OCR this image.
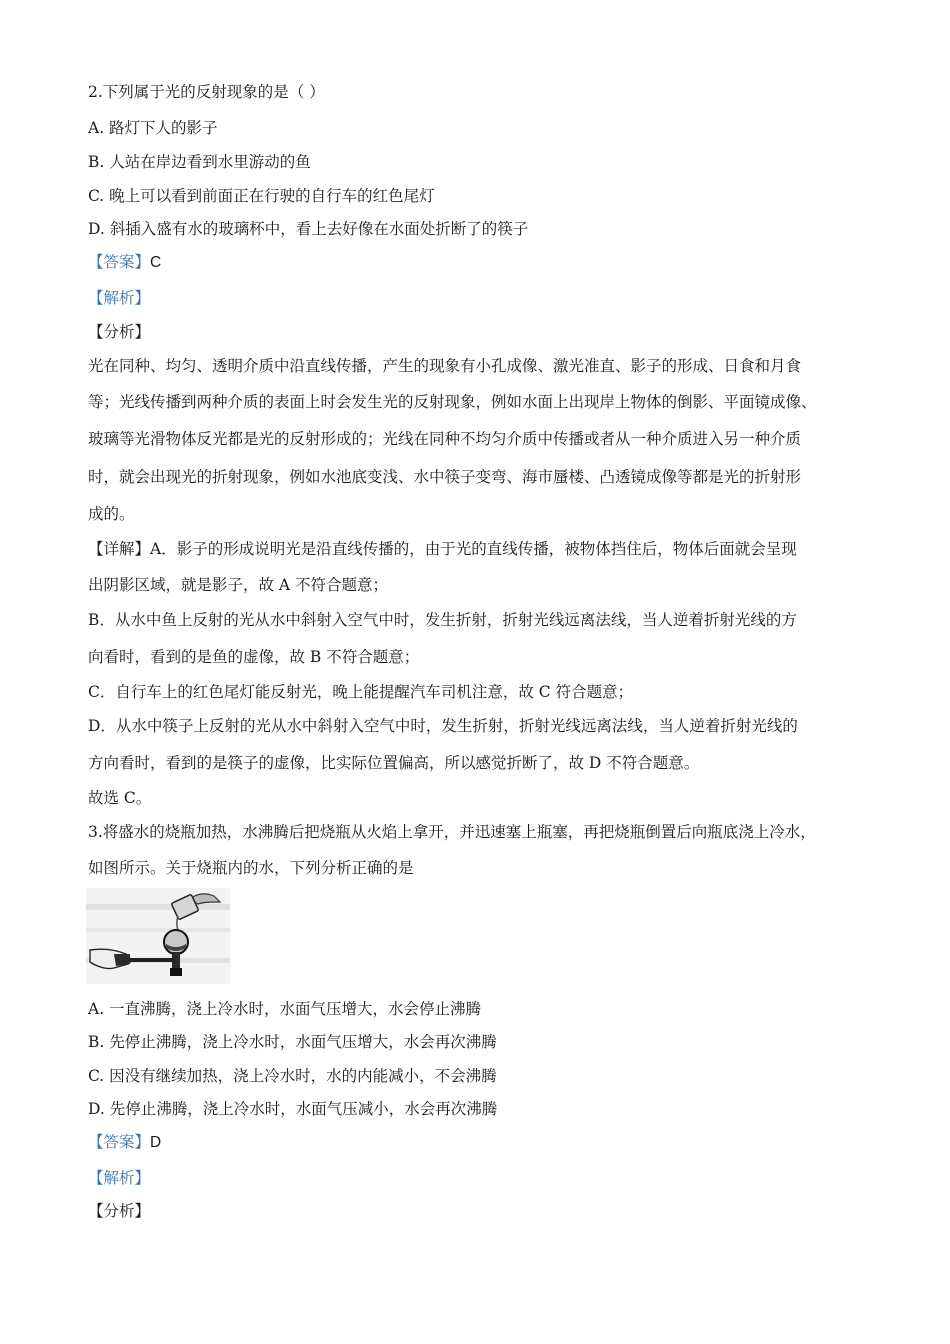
2.下列属于光的反射现象的是（ ）
A. 路灯下人的影子
B. 人站在岸边看到水里游动的鱼
C. 晚上可以看到前面正在行驶的自行车的红色尾灯
D. 斜插入盛有水的玻璃杯中，看上去好像在水面处折断了的筷子
【答案】C
【解析】
【分析】
光在同种、均匀、透明介质中沿直线传播，产生的现象有小孔成像、激光准直、影子的形成、日食和月食
等；光线传播到两种介质的表面上时会发生光的反射现象，例如水面上出现岸上物体的倒影、平面镜成像、
玻璃等光滑物体反光都是光的反射形成的；光线在同种不均匀介质中传播或者从一种介质进入另一种介质
时，就会出现光的折射现象，例如水池底变浅、水中筷子变弯、海市蜃楼、凸透镜成像等都是光的折射形
成的。
【详解】A．影子的形成说明光是沿直线传播的，由于光的直线传播，被物体挡住后，物体后面就会呈现
出阴影区域，就是影子，故 A 不符合题意；
B．从水中鱼上反射的光从水中斜射入空气中时，发生折射，折射光线远离法线，当人逆着折射光线的方
向看时，看到的是鱼的虚像，故 B 不符合题意；
C．自行车上的红色尾灯能反射光，晚上能提醒汽车司机注意，故 C 符合题意；
D．从水中筷子上反射的光从水中斜射入空气中时，发生折射，折射光线远离法线，当人逆着折射光线的
方向看时，看到的是筷子的虚像，比实际位置偏高，所以感觉折断了，故 D 不符合题意。
故选 C。
3.将盛水的烧瓶加热，水沸腾后把烧瓶从火焰上拿开，并迅速塞上瓶塞，再把烧瓶倒置后向瓶底浇上冷水，
如图所示。关于烧瓶内的水，下列分析正确的是
A. 一直沸腾，浇上冷水时，水面气压增大，水会停止沸腾
B. 先停止沸腾，浇上冷水时，水面气压增大，水会再次沸腾
C. 因没有继续加热，浇上冷水时，水的内能减小，不会沸腾
D. 先停止沸腾，浇上冷水时，水面气压减小，水会再次沸腾
【答案】D
【解析】
【分析】
